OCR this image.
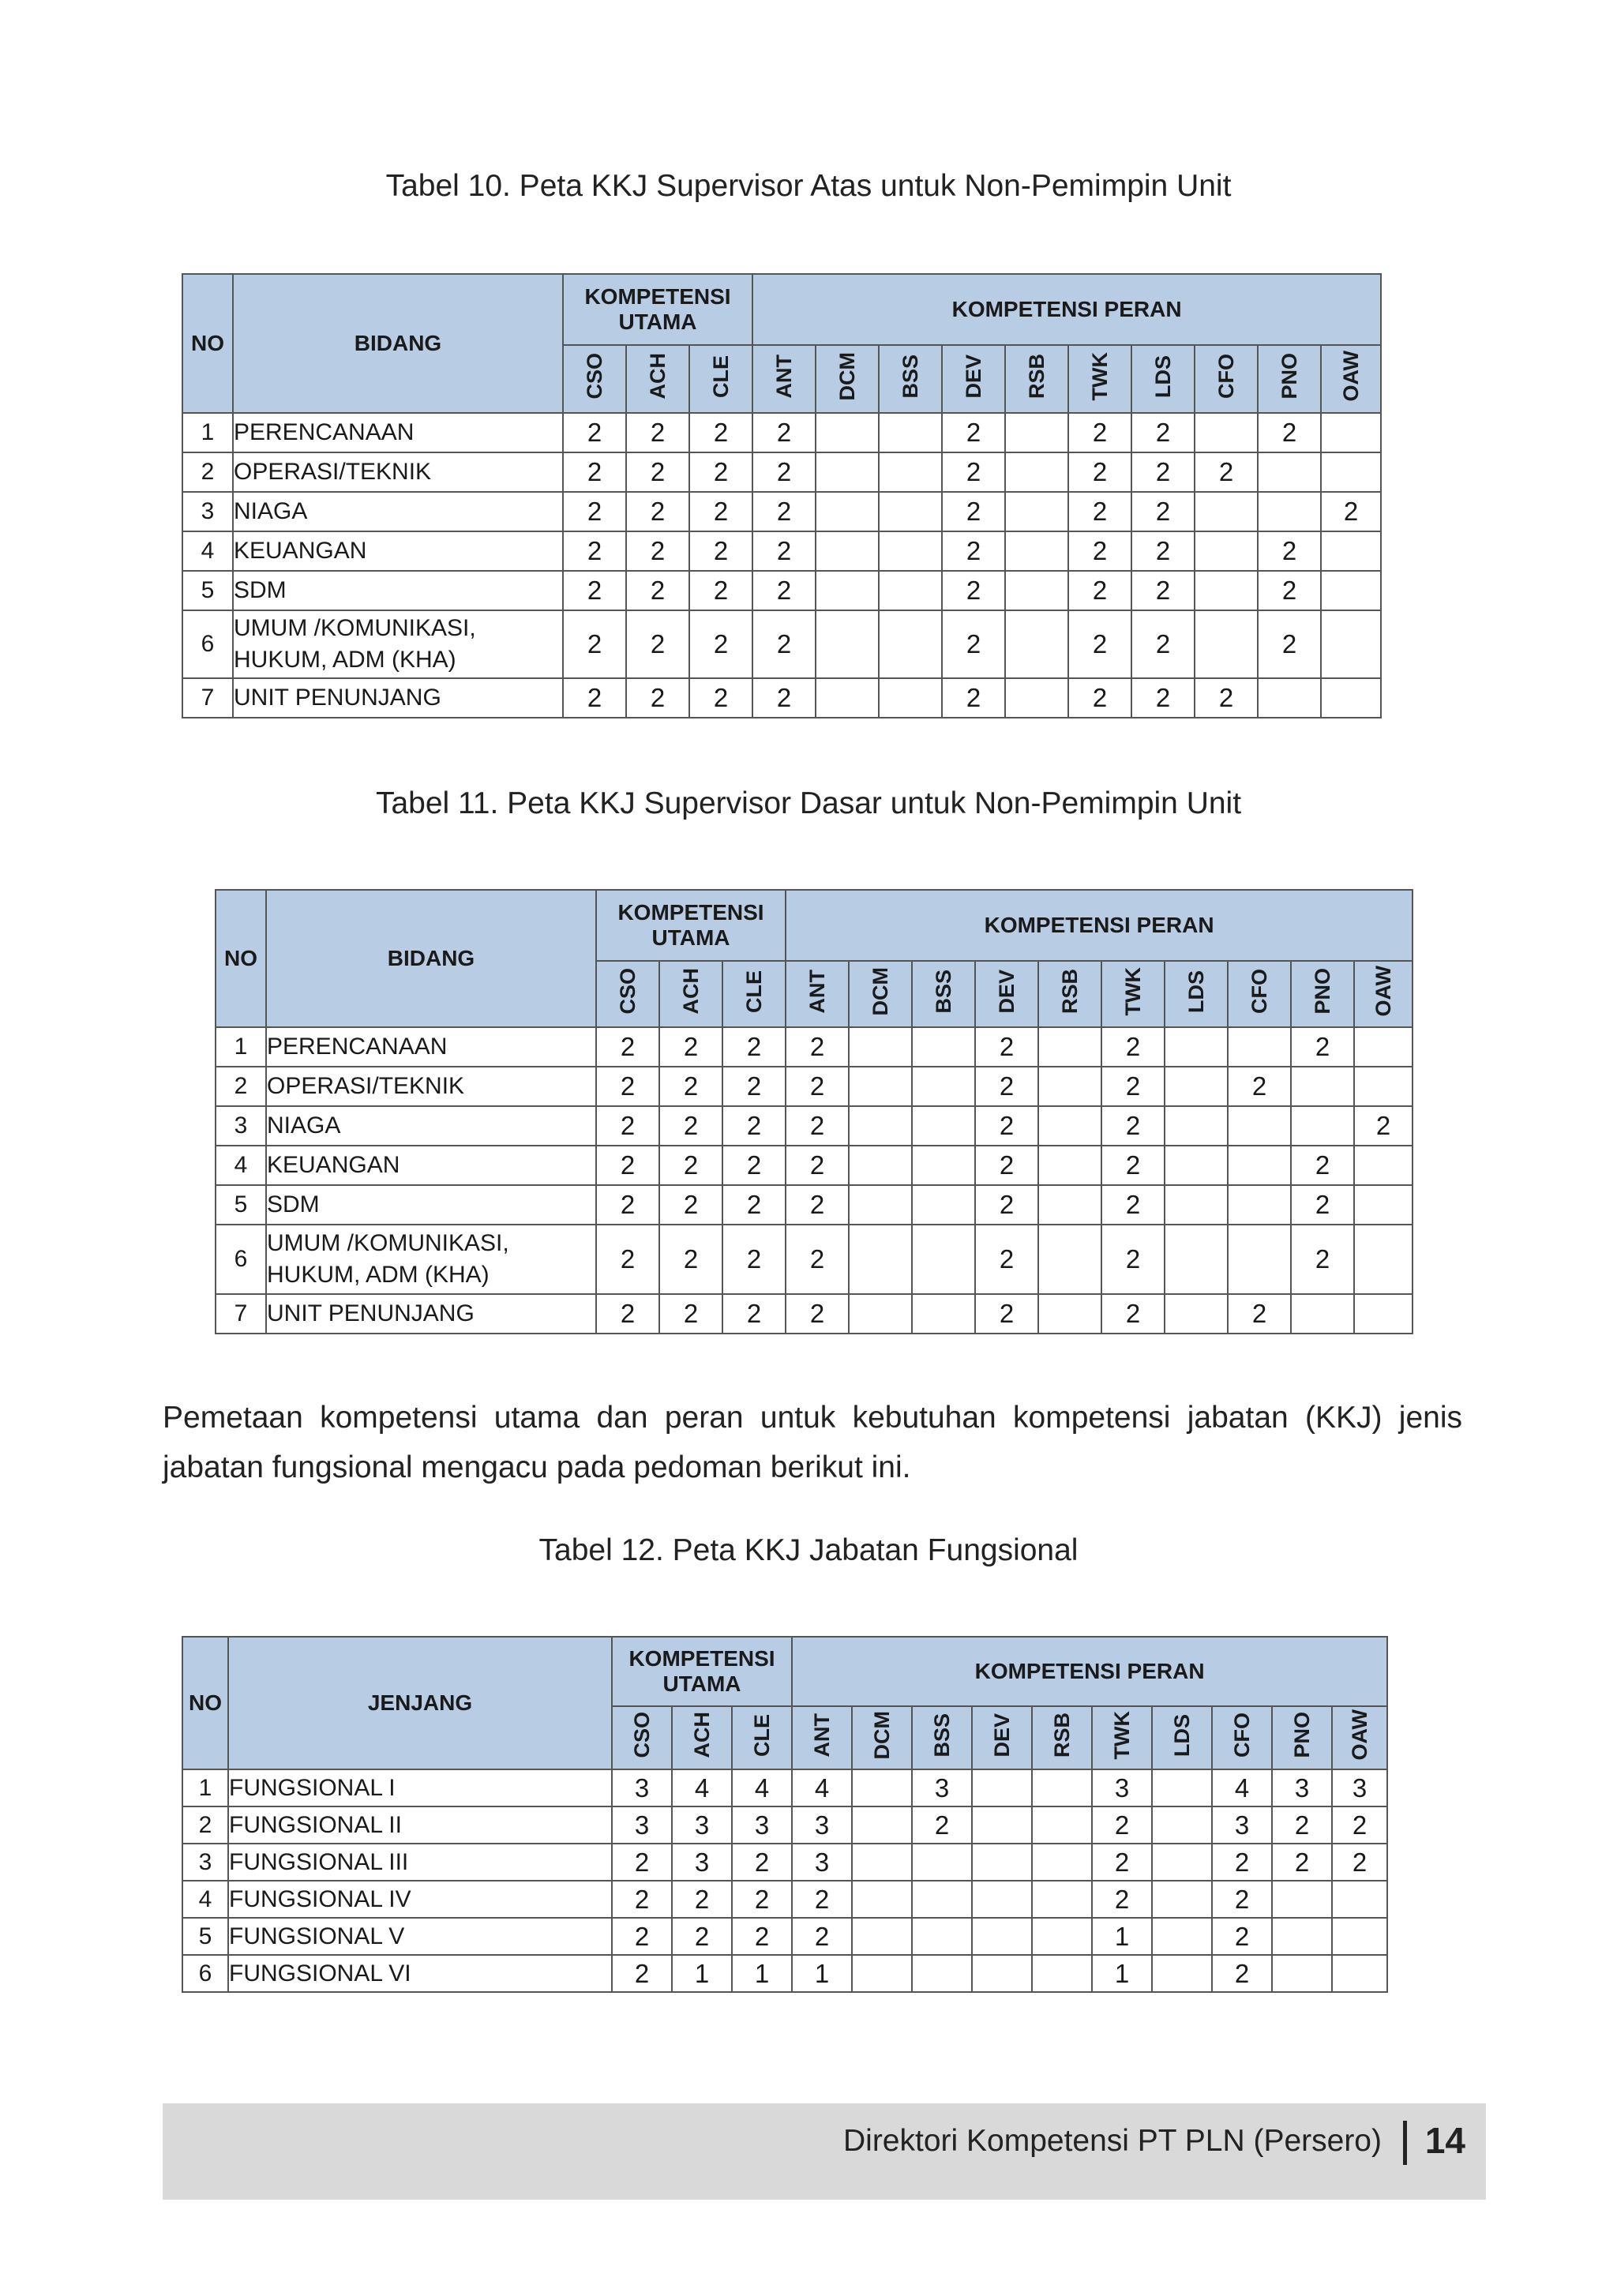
Tabel 10. Peta KKJ Supervisor Atas untuk Non-Pemimpin Unit
NO	BIDANG	KOMPETENSI UTAMA			KOMPETENSI PERAN									
		CSO	ACH	CLE	ANT	DCM	BSS	DEV	RSB	TWK	LDS	CFO	PNO	OAW
1	PERENCANAAN	2	2	2	2			2		2	2		2	
2	OPERASI/TEKNIK	2	2	2	2			2		2	2	2		
3	NIAGA	2	2	2	2			2		2	2			2
4	KEUANGAN	2	2	2	2			2		2	2		2	
5	SDM	2	2	2	2			2		2	2		2	
6	UMUM /KOMUNIKASI, HUKUM, ADM (KHA)	2	2	2	2			2		2	2		2	
7	UNIT PENUNJANG	2	2	2	2			2		2	2	2		
Tabel 11. Peta KKJ Supervisor Dasar untuk Non-Pemimpin Unit
NO	BIDANG	KOMPETENSI UTAMA			KOMPETENSI PERAN									
		CSO	ACH	CLE	ANT	DCM	BSS	DEV	RSB	TWK	LDS	CFO	PNO	OAW
1	PERENCANAAN	2	2	2	2			2		2			2	
2	OPERASI/TEKNIK	2	2	2	2			2		2		2		
3	NIAGA	2	2	2	2			2		2				2
4	KEUANGAN	2	2	2	2			2		2			2	
5	SDM	2	2	2	2			2		2			2	
6	UMUM /KOMUNIKASI, HUKUM, ADM (KHA)	2	2	2	2			2		2			2	
7	UNIT PENUNJANG	2	2	2	2			2		2		2		

Pemetaan kompetensi utama dan peran untuk kebutuhan kompetensi jabatan (KKJ) jenis jabatan fungsional mengacu pada pedoman berikut ini.

Tabel 12. Peta KKJ Jabatan Fungsional
NO	JENJANG	KOMPETENSI UTAMA			KOMPETENSI PERAN									
		CSO	ACH	CLE	ANT	DCM	BSS	DEV	RSB	TWK	LDS	CFO	PNO	OAW
1	FUNGSIONAL I	3	4	4	4		3			3		4	3	3
2	FUNGSIONAL II	3	3	3	3		2			2		3	2	2
3	FUNGSIONAL III	2	3	2	3					2		2	2	2
4	FUNGSIONAL IV	2	2	2	2					2		2		
5	FUNGSIONAL V	2	2	2	2					1		2		
6	FUNGSIONAL VI	2	1	1	1					1		2		
Direktori Kompetensi PT PLN (Persero) 14
